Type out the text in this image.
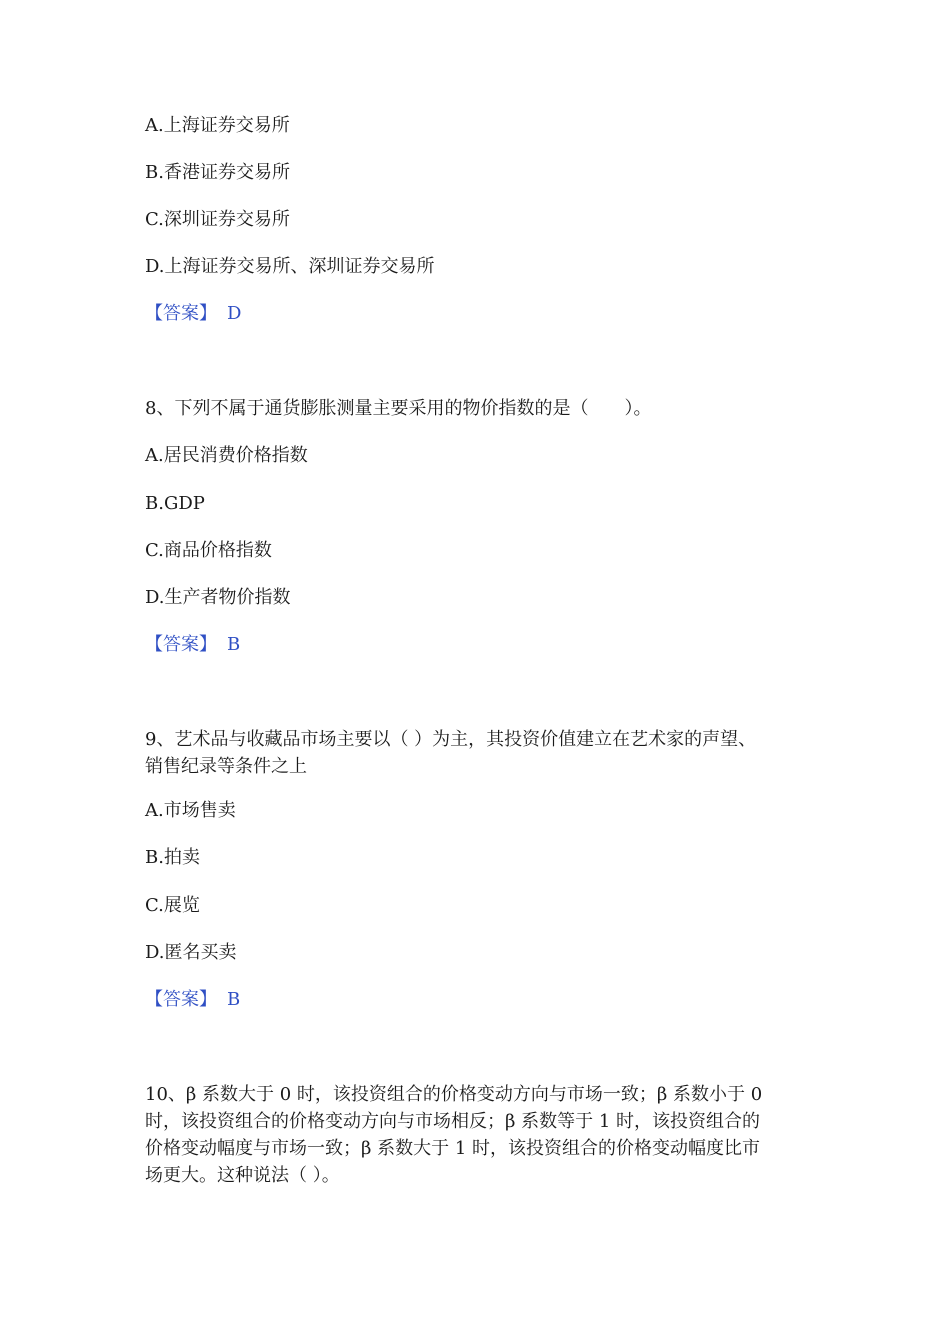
A.上海证券交易所
B.香港证券交易所
C.深圳证券交易所
D.上海证券交易所、深圳证券交易所
【答案】 D
8、下列不属于通货膨胀测量主要采用的物价指数的是（　　）。
A.居民消费价格指数
B.GDP
C.商品价格指数
D.生产者物价指数
【答案】 B
9、艺术品与收藏品市场主要以（ ）为主，其投资价值建立在艺术家的声望、
销售纪录等条件之上
A.市场售卖
B.拍卖
C.展览
D.匿名买卖
【答案】 B
10、β 系数大于 0 时，该投资组合的价格变动方向与市场一致；β 系数小于 0
时，该投资组合的价格变动方向与市场相反；β 系数等于 1 时，该投资组合的
价格变动幅度与市场一致；β 系数大于 1 时，该投资组合的价格变动幅度比市
场更大。这种说法（ ）。
